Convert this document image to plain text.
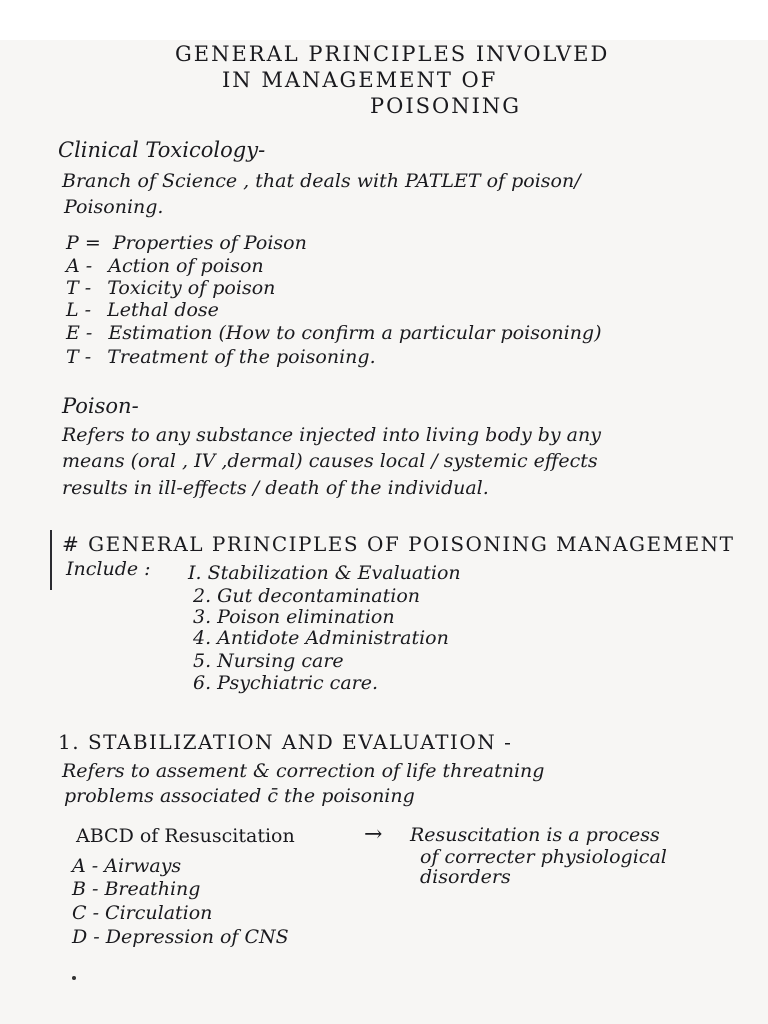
GENERAL PRINCIPLES INVOLVED
IN MANAGEMENT OF
POISONING
Clinical Toxicology-
Branch of Science , that deals with PATLET of poison/
Poisoning.
P = Properties of Poison
A - Action of poison
T - Toxicity of poison
L - Lethal dose
E - Estimation (How to confirm a particular poisoning)
T - Treatment of the poisoning.
Poison-
Refers to any substance injected into living body by any
means (oral , IV ,dermal) causes local / systemic effects
results in ill-effects / death of the individual.
# GENERAL PRINCIPLES OF POISONING MANAGEMENT
Include : I. Stabilization & Evaluation
2. Gut decontamination
3. Poison elimination
4. Antidote Administration
5. Nursing care
6. Psychiatric care.
1. STABILIZATION AND EVALUATION -
Refers to assement & correction of life threatning
problems associated c̄ the poisoning
ABCD of Resuscitation	→ Resuscitation is a process
of correcter physiological
disorders
A - Airways
B - Breathing
C - Circulation
D - Depression of CNS
